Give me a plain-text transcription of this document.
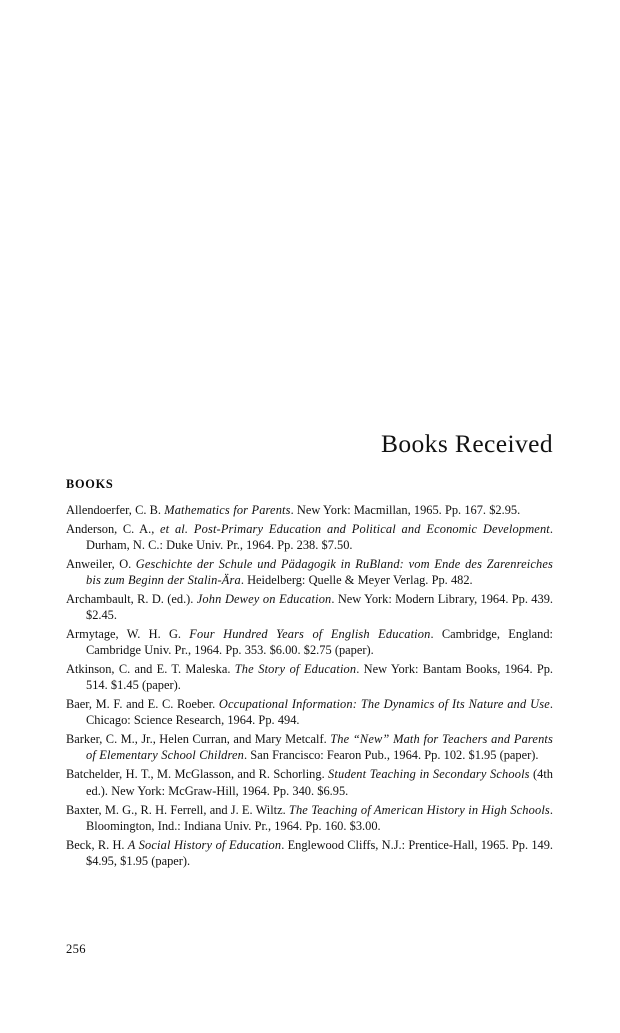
Books Received
BOOKS
Allendoerfer, C. B. Mathematics for Parents. New York: Macmillan, 1965. Pp. 167. $2.95.
Anderson, C. A., et al. Post-Primary Education and Political and Economic Development. Durham, N. C.: Duke Univ. Pr., 1964. Pp. 238. $7.50.
Anweiler, O. Geschichte der Schule und Pädagogik in RuBland: vom Ende des Zarenreiches bis zum Beginn der Stalin-Ära. Heidelberg: Quelle & Meyer Verlag. Pp. 482.
Archambault, R. D. (ed.). John Dewey on Education. New York: Modern Library, 1964. Pp. 439. $2.45.
Armytage, W. H. G. Four Hundred Years of English Education. Cambridge, England: Cambridge Univ. Pr., 1964. Pp. 353. $6.00. $2.75 (paper).
Atkinson, C. and E. T. Maleska. The Story of Education. New York: Bantam Books, 1964. Pp. 514. $1.45 (paper).
Baer, M. F. and E. C. Roeber. Occupational Information: The Dynamics of Its Nature and Use. Chicago: Science Research, 1964. Pp. 494.
Barker, C. M., Jr., Helen Curran, and Mary Metcalf. The “New” Math for Teachers and Parents of Elementary School Children. San Francisco: Fearon Pub., 1964. Pp. 102. $1.95 (paper).
Batchelder, H. T., M. McGlasson, and R. Schorling. Student Teaching in Secondary Schools (4th ed.). New York: McGraw-Hill, 1964. Pp. 340. $6.95.
Baxter, M. G., R. H. Ferrell, and J. E. Wiltz. The Teaching of American History in High Schools. Bloomington, Ind.: Indiana Univ. Pr., 1964. Pp. 160. $3.00.
Beck, R. H. A Social History of Education. Englewood Cliffs, N.J.: Prentice-Hall, 1965. Pp. 149. $4.95, $1.95 (paper).
256
